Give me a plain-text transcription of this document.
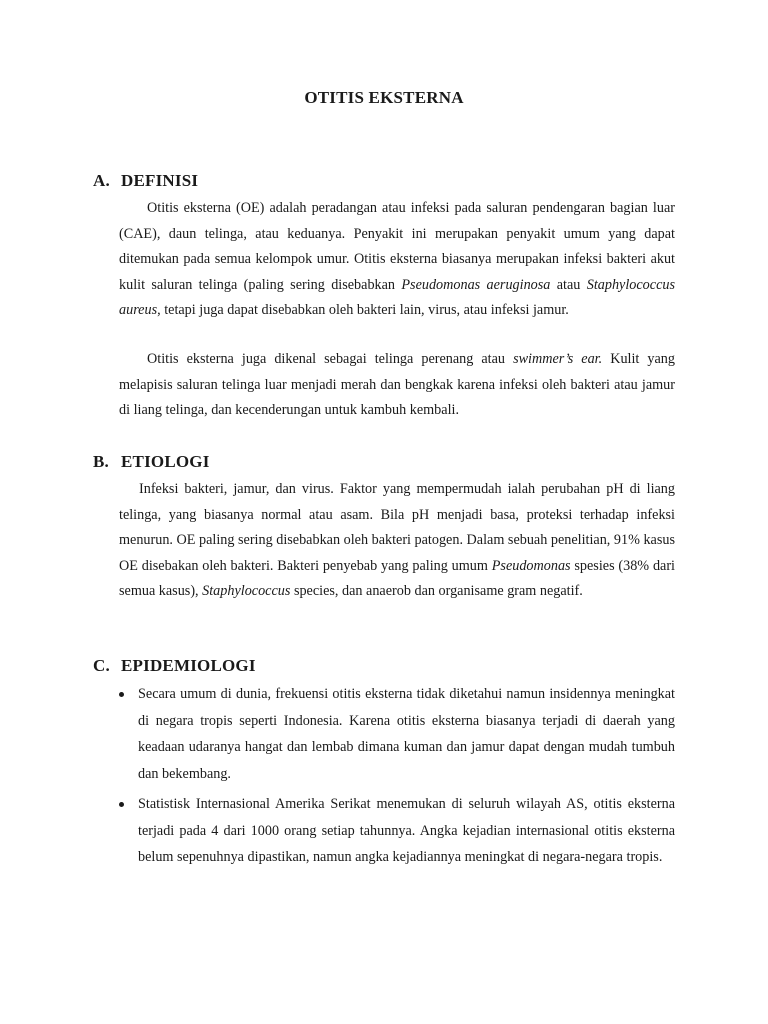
OTITIS EKSTERNA
A. DEFINISI

Otitis eksterna (OE) adalah peradangan atau infeksi pada saluran pendengaran bagian luar (CAE), daun telinga, atau keduanya. Penyakit ini merupakan penyakit umum yang dapat ditemukan pada semua kelompok umur. Otitis eksterna biasanya merupakan infeksi bakteri akut kulit saluran telinga (paling sering disebabkan Pseudomonas aeruginosa atau Staphylococcus aureus, tetapi juga dapat disebabkan oleh bakteri lain, virus, atau infeksi jamur.

Otitis eksterna juga dikenal sebagai telinga perenang atau swimmer’s ear. Kulit yang melapisis saluran telinga luar menjadi merah dan bengkak karena infeksi oleh bakteri atau jamur di liang telinga, dan kecenderungan untuk kambuh kembali.

B. ETIOLOGI

Infeksi bakteri, jamur, dan virus. Faktor yang mempermudah ialah perubahan pH di liang telinga, yang biasanya normal atau asam. Bila pH menjadi basa, proteksi terhadap infeksi menurun. OE paling sering disebabkan oleh bakteri patogen. Dalam sebuah penelitian, 91% kasus OE disebakan oleh bakteri. Bakteri penyebab yang paling umum Pseudomonas spesies (38% dari semua kasus), Staphylococcus species, dan anaerob dan organisame gram negatif.

C. EPIDEMIOLOGI
Secara umum di dunia, frekuensi otitis eksterna tidak diketahui namun insidennya meningkat di negara tropis seperti Indonesia. Karena otitis eksterna biasanya terjadi di daerah yang keadaan udaranya hangat dan lembab dimana kuman dan jamur dapat dengan mudah tumbuh dan bekembang.
Statistisk Internasional Amerika Serikat menemukan di seluruh wilayah AS, otitis eksterna terjadi pada 4 dari 1000 orang setiap tahunnya. Angka kejadian internasional otitis eksterna belum sepenuhnya dipastikan, namun angka kejadiannya meningkat di negara-negara tropis.
